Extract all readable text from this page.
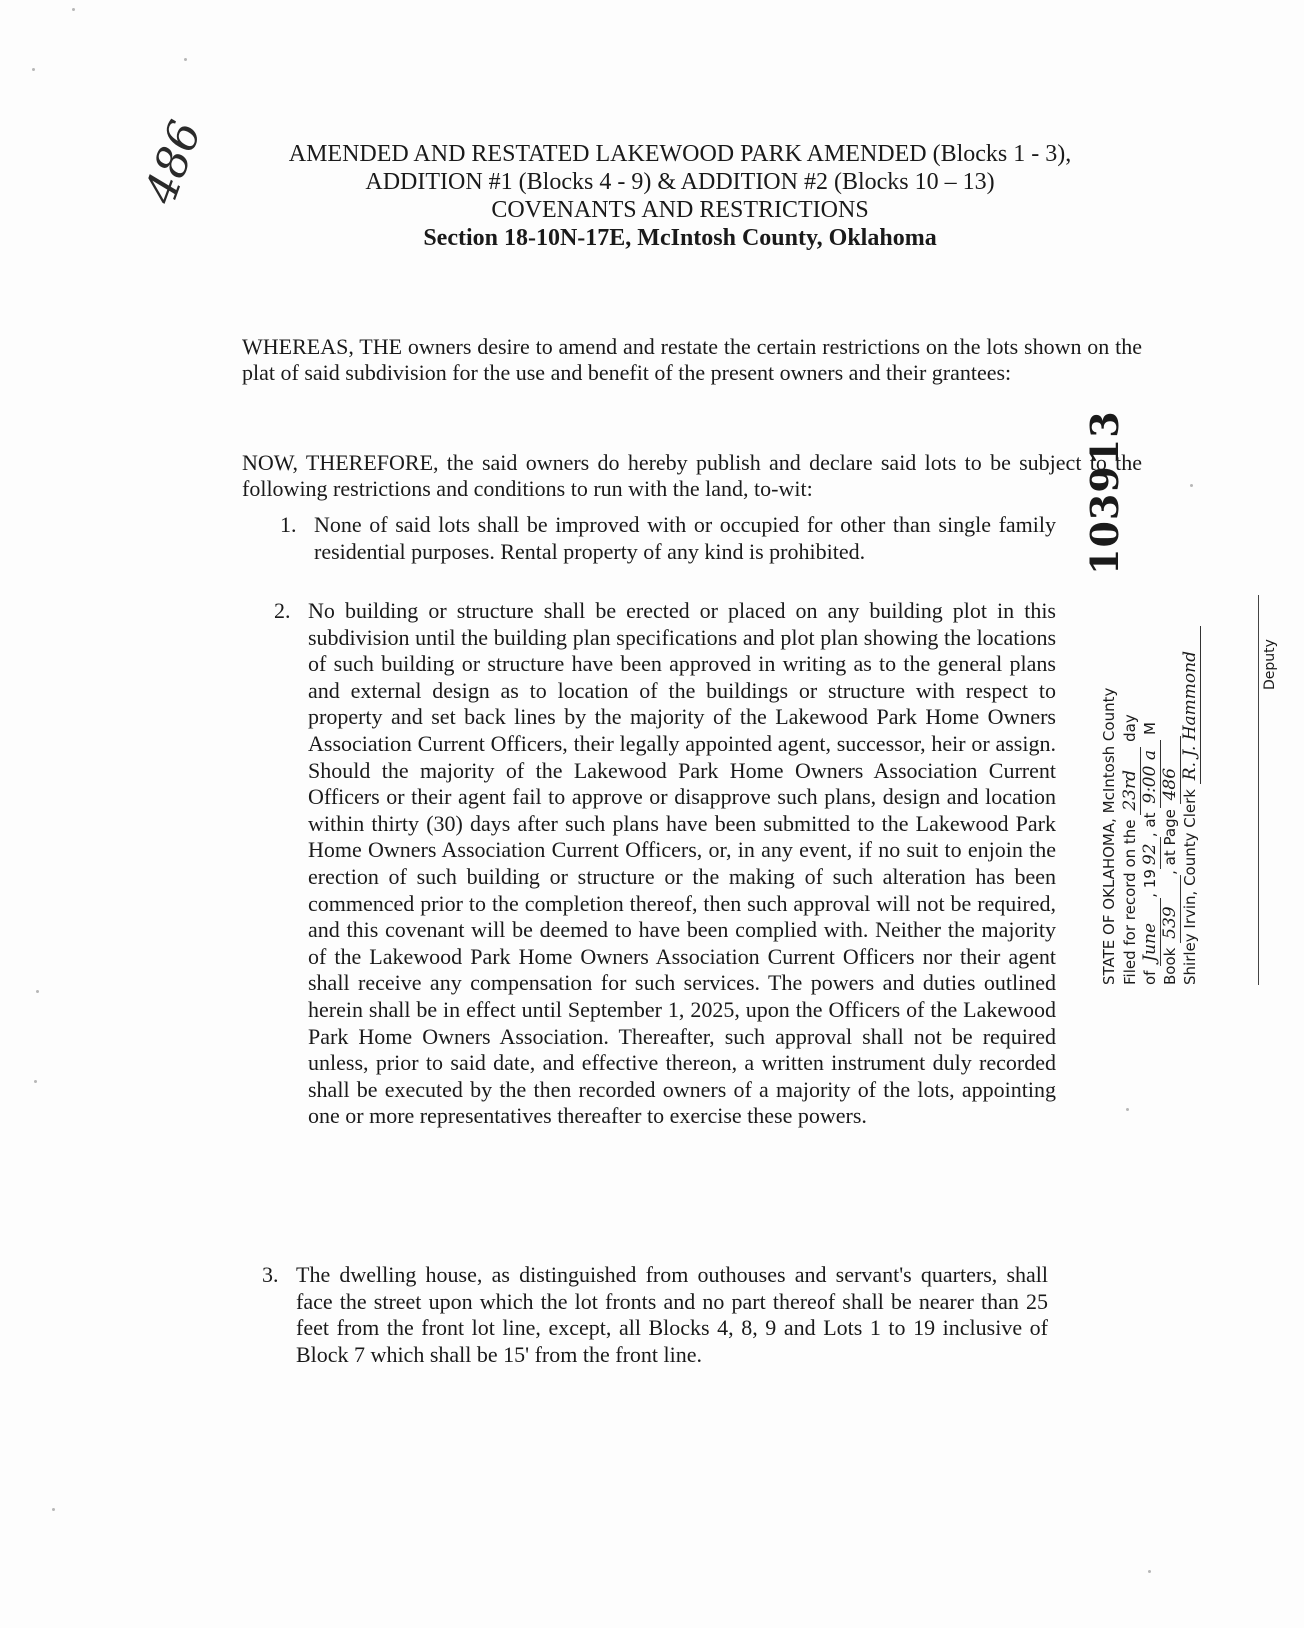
486	AMENDED AND RESTATED LAKEWOOD PARK AMENDED (Blocks 1 - 3),
ADDITION #1 (Blocks 4 - 9) & ADDITION #2 (Blocks 10 – 13)
COVENANTS AND RESTRICTIONS
Section 18-10N-17E, McIntosh County, Oklahoma

WHEREAS, THE owners desire to amend and restate the certain restrictions on the lots shown on the plat of said subdivision for the use and benefit of the present owners and their grantees:

NOW, THEREFORE, the said owners do hereby publish and declare said lots to be subject to the following restrictions and conditions to run with the land, to-wit:

1. None of said lots shall be improved with or occupied for other than single family residential purposes. Rental property of any kind is prohibited.
2. No building or structure shall be erected or placed on any building plot in this subdivision until the building plan specifications and plot plan showing the locations of such building or structure have been approved in writing as to the general plans and external design as to location of the buildings or structure with respect to property and set back lines by the majority of the Lakewood Park Home Owners Association Current Officers, their legally appointed agent, successor, heir or assign. Should the majority of the Lakewood Park Home Owners Association Current Officers or their agent fail to approve or disapprove such plans, design and location within thirty (30) days after such plans have been submitted to the Lakewood Park Home Owners Association Current Officers, or, in any event, if no suit to enjoin the erection of such building or structure or the making of such alteration has been commenced prior to the completion thereof, then such approval will not be required, and this covenant will be deemed to have been complied with. Neither the majority of the Lakewood Park Home Owners Association Current Officers nor their agent shall receive any compensation for such services. The powers and duties outlined herein shall be in effect until September 1, 2025, upon the Officers of the Lakewood Park Home Owners Association. Thereafter, such approval shall not be required unless, prior to said date, and effective thereon, a written instrument duly recorded shall be executed by the then recorded owners of a majority of the lots, appointing one or more representatives thereafter to exercise these powers.
3. The dwelling house, as distinguished from outhouses and servant's quarters, shall face the street upon which the lot fronts and no part thereof shall be nearer than 25 feet from the front lot line, except, all Blocks 4, 8, 9 and Lots 1 to 19 inclusive of Block 7 which shall be 15' from the front line.
103913
STATE OF OKLAHOMA, McIntosh County Filed for record on the 23rd day
of June, 1992, at 9:00 a M
Book 539, at Page 486
Shirley Irvin, County Clerk R. J. Hammond	Deputy
